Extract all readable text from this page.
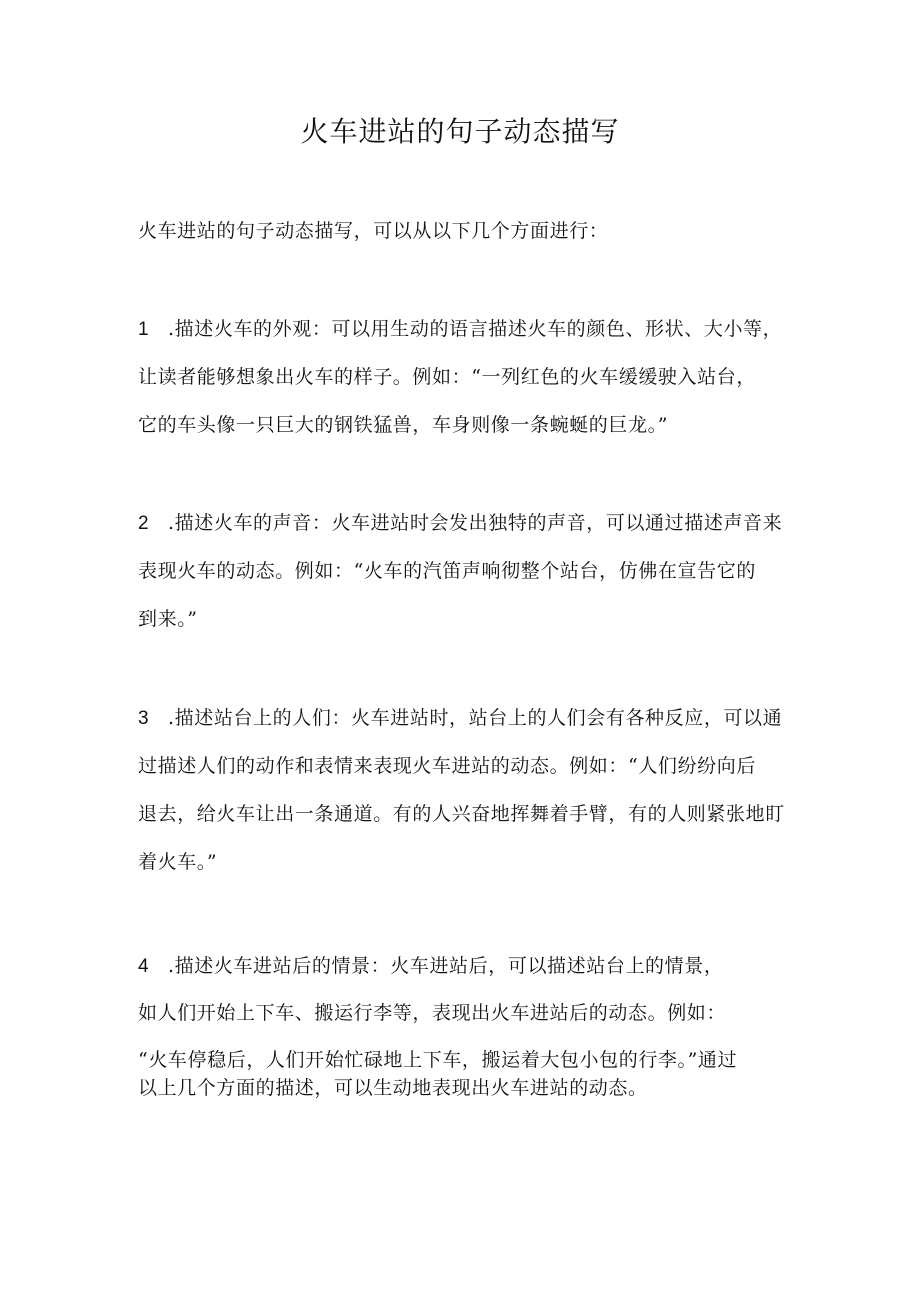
火车进站的句子动态描写

火车进站的句子动态描写，可以从以下几个方面进行：

1 .描述火车的外观：可以用生动的语言描述火车的颜色、形状、大小等，

让读者能够想象出火车的样子。例如：“一列红色的火车缓缓驶入站台，

它的车头像一只巨大的钢铁猛兽，车身则像一条蜿蜒的巨龙。”

2 .描述火车的声音：火车进站时会发出独特的声音，可以通过描述声音来

表现火车的动态。例如：“火车的汽笛声响彻整个站台，仿佛在宣告它的

到来。”

3 .描述站台上的人们：火车进站时，站台上的人们会有各种反应，可以通

过描述人们的动作和表情来表现火车进站的动态。例如：“人们纷纷向后

退去，给火车让出一条通道。有的人兴奋地挥舞着手臂，有的人则紧张地盯

着火车。”

4 .描述火车进站后的情景：火车进站后，可以描述站台上的情景，

如人们开始上下车、搬运行李等，表现出火车进站后的动态。例如：

“火车停稳后，人们开始忙碌地上下车，搬运着大包小包的行李。”通过

以上几个方面的描述，可以生动地表现出火车进站的动态。
